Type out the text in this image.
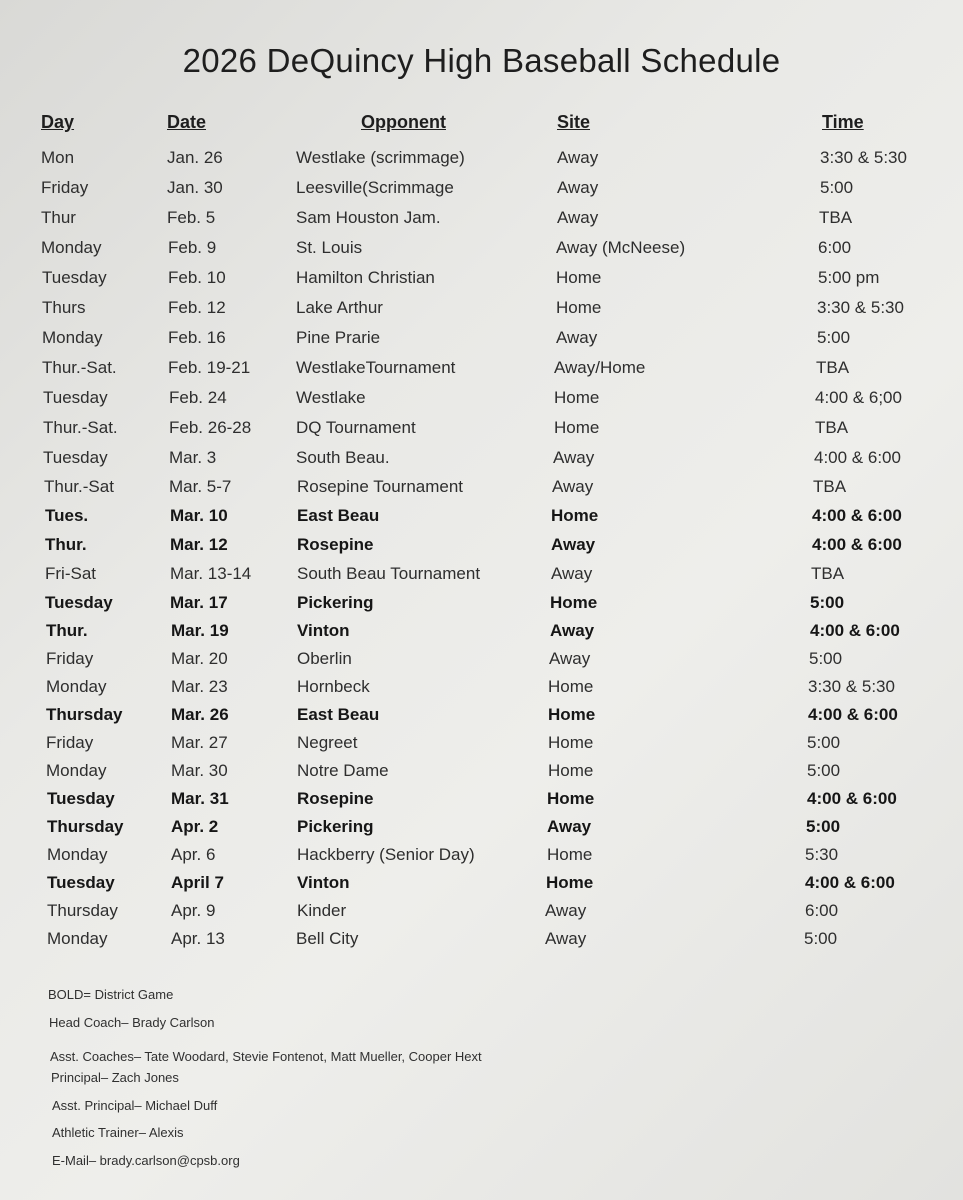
2026 DeQuincy High Baseball Schedule
Day	Date	Opponent	Site	Time
Mon	Jan. 26	Westlake (scrimmage)	Away	3:30 & 5:30
Friday	Jan. 30	Leesville(Scrimmage	Away	5:00
Thur	Feb. 5	Sam Houston Jam.	Away	TBA
Monday	Feb. 9	St. Louis	Away (McNeese)	6:00
Tuesday	Feb. 10	Hamilton Christian	Home	5:00 pm
Thurs	Feb. 12	Lake Arthur	Home	3:30 & 5:30
Monday	Feb. 16	Pine Prarie	Away	5:00
Thur.-Sat.	Feb. 19-21	WestlakeTournament	Away/Home	TBA
Tuesday	Feb. 24	Westlake	Home	4:00 & 6;00
Thur.-Sat.	Feb. 26-28	DQ Tournament	Home	TBA
Tuesday	Mar. 3	South Beau.	Away	4:00 & 6:00
Thur.-Sat	Mar. 5-7	Rosepine Tournament	Away	TBA
Tues.	Mar. 10	East Beau	Home	4:00 & 6:00
Thur.	Mar. 12	Rosepine	Away	4:00 & 6:00
Fri-Sat	Mar. 13-14	South Beau Tournament	Away	TBA
Tuesday	Mar. 17	Pickering	Home	5:00
Thur.	Mar. 19	Vinton	Away	4:00 & 6:00
Friday	Mar. 20	Oberlin	Away	5:00
Monday	Mar. 23	Hornbeck	Home	3:30 & 5:30
Thursday	Mar. 26	East Beau	Home	4:00 & 6:00
Friday	Mar. 27	Negreet	Home	5:00
Monday	Mar. 30	Notre Dame	Home	5:00
Tuesday	Mar. 31	Rosepine	Home	4:00 & 6:00
Thursday	Apr. 2	Pickering	Away	5:00
Monday	Apr. 6	Hackberry (Senior Day)	Home	5:30
Tuesday	April 7	Vinton	Home	4:00 & 6:00
Thursday	Apr. 9	Kinder	Away	6:00
Monday	Apr. 13	Bell City	Away	5:00
BOLD= District Game
Head Coach– Brady Carlson
Asst. Coaches– Tate Woodard, Stevie Fontenot, Matt Mueller, Cooper Hext
Principal– Zach Jones
Asst. Principal– Michael Duff
Athletic Trainer– Alexis
E-Mail– brady.carlson@cpsb.org
